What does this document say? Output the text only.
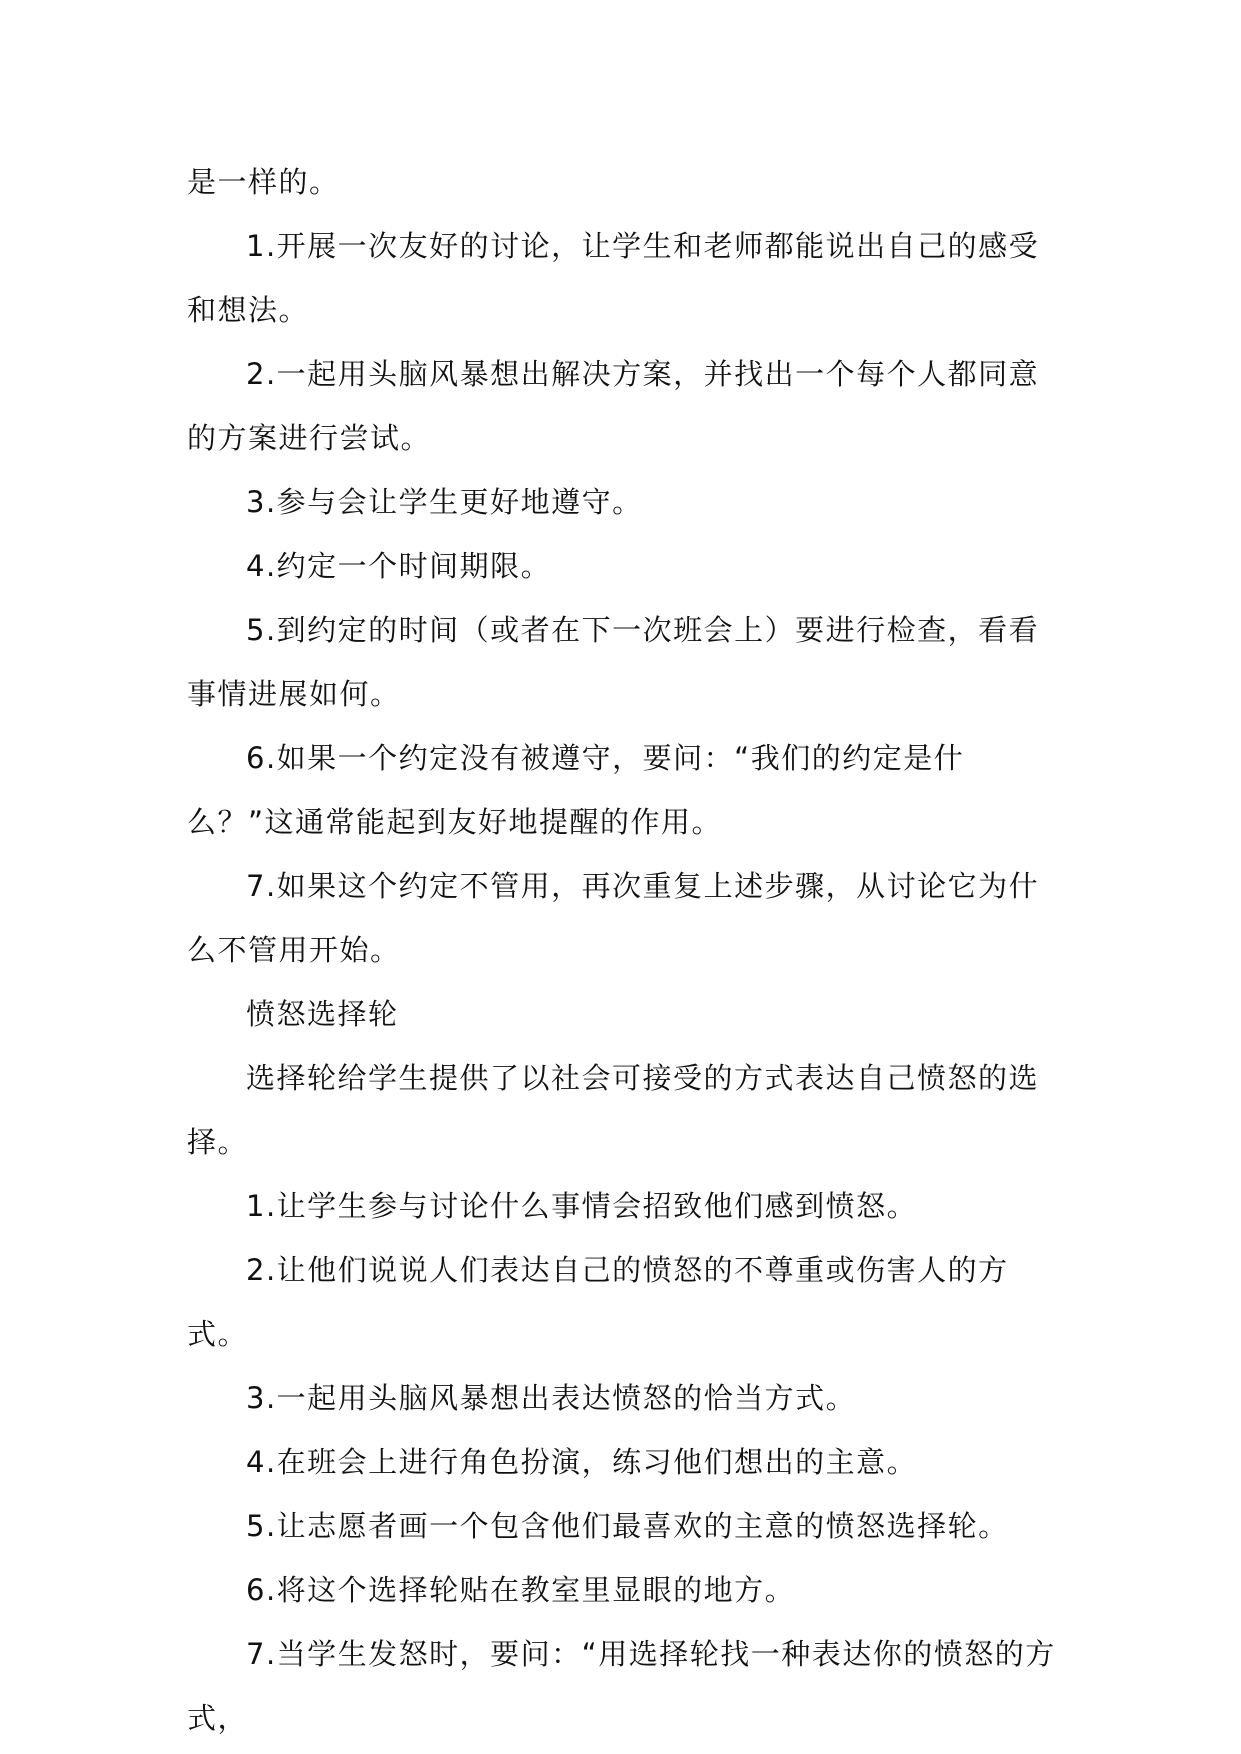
是一样的。

1.开展一次友好的讨论，让学生和老师都能说出自己的感受和想法。

2.一起用头脑风暴想出解决方案，并找出一个每个人都同意的方案进行尝试。

3.参与会让学生更好地遵守。

4.约定一个时间期限。

5.到约定的时间（或者在下一次班会上）要进行检查，看看事情进展如何。

6.如果一个约定没有被遵守，要问：“我们的约定是什么？”这通常能起到友好地提醒的作用。

7.如果这个约定不管用，再次重复上述步骤，从讨论它为什么不管用开始。

愤怒选择轮

选择轮给学生提供了以社会可接受的方式表达自己愤怒的选择。

1.让学生参与讨论什么事情会招致他们感到愤怒。

2.让他们说说人们表达自己的愤怒的不尊重或伤害人的方式。

3.一起用头脑风暴想出表达愤怒的恰当方式。

4.在班会上进行角色扮演，练习他们想出的主意。

5.让志愿者画一个包含他们最喜欢的主意的愤怒选择轮。

6.将这个选择轮贴在教室里显眼的地方。

7.当学生发怒时，要问：“用选择轮找一种表达你的愤怒的方式，
